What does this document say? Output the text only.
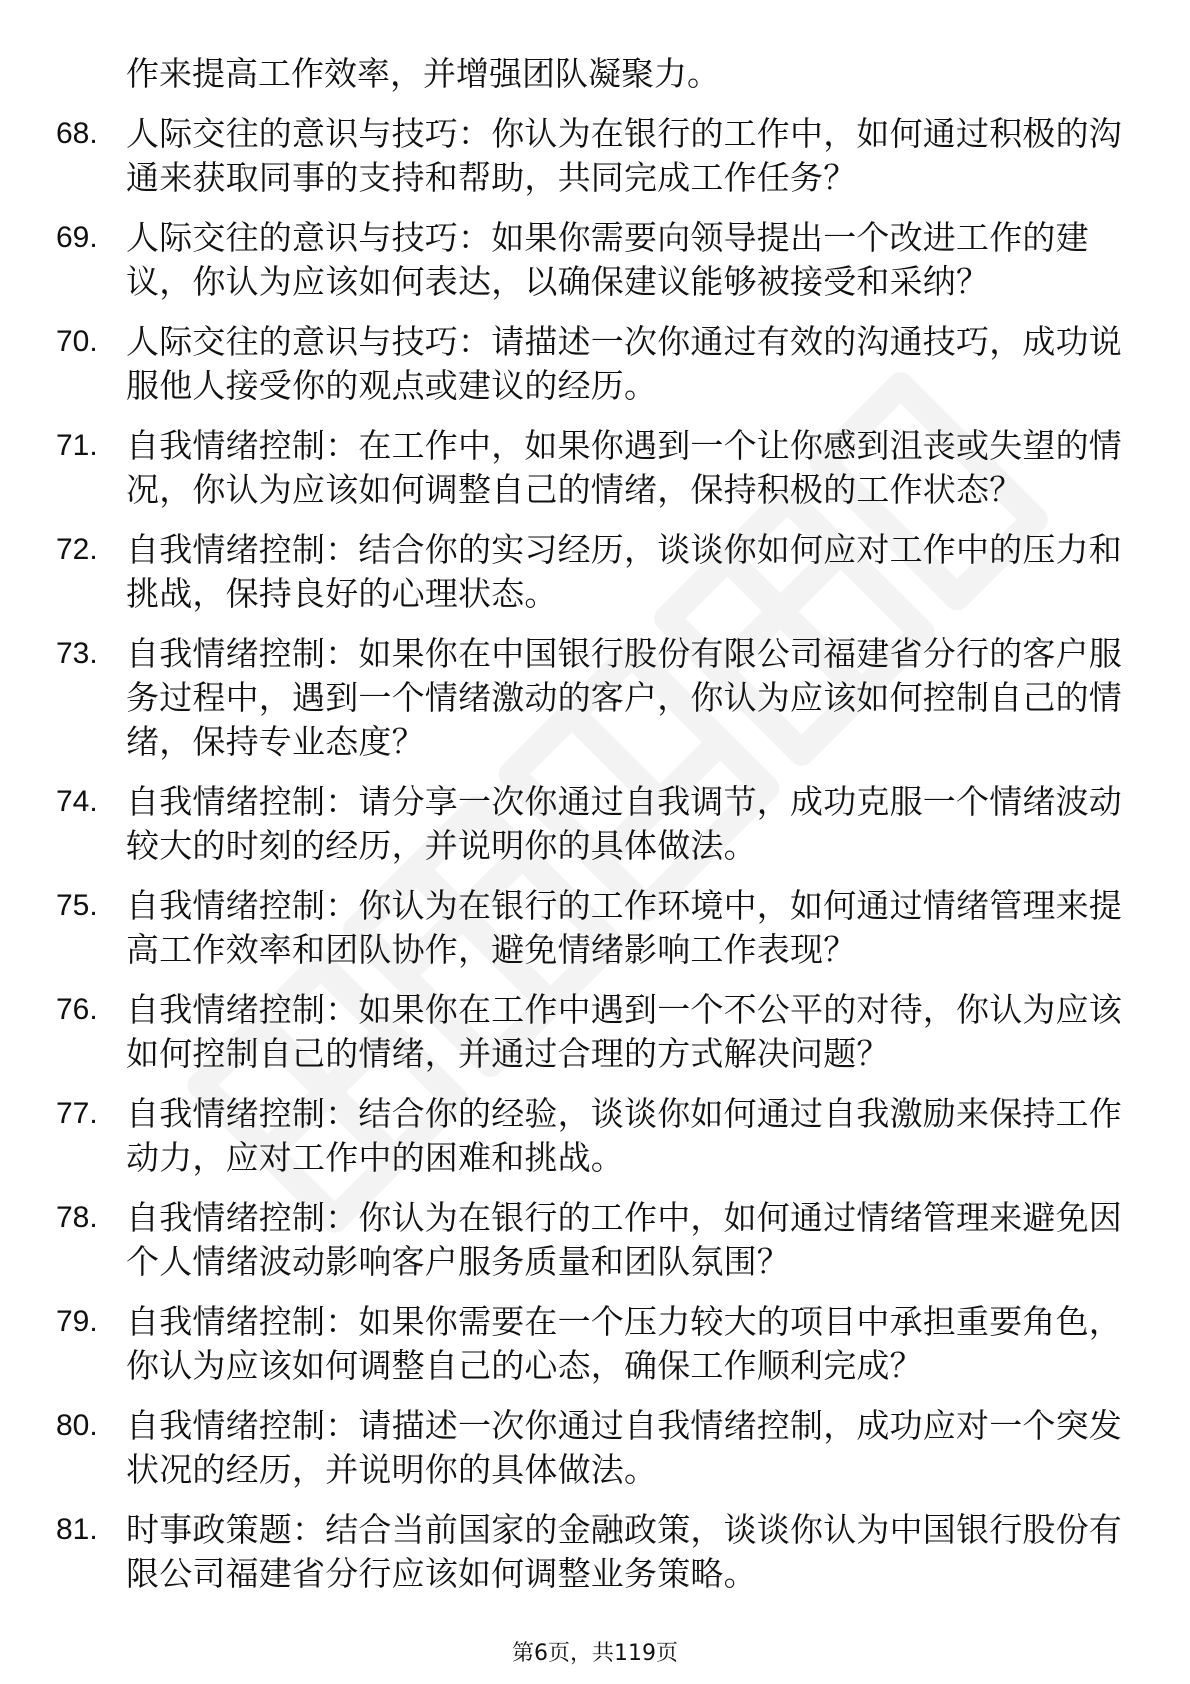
作来提高工作效率，并增强团队凝聚力。
68. 人际交往的意识与技巧：你认为在银行的工作中，如何通过积极的沟通来获取同事的支持和帮助，共同完成工作任务？
69. 人际交往的意识与技巧：如果你需要向领导提出一个改进工作的建议，你认为应该如何表达，以确保建议能够被接受和采纳？
70. 人际交往的意识与技巧：请描述一次你通过有效的沟通技巧，成功说服他人接受你的观点或建议的经历。
71. 自我情绪控制：在工作中，如果你遇到一个让你感到沮丧或失望的情况，你认为应该如何调整自己的情绪，保持积极的工作状态？
72. 自我情绪控制：结合你的实习经历，谈谈你如何应对工作中的压力和挑战，保持良好的心理状态。
73. 自我情绪控制：如果你在中国银行股份有限公司福建省分行的客户服务过程中，遇到一个情绪激动的客户，你认为应该如何控制自己的情绪，保持专业态度？
74. 自我情绪控制：请分享一次你通过自我调节，成功克服一个情绪波动较大的时刻的经历，并说明你的具体做法。
75. 自我情绪控制：你认为在银行的工作环境中，如何通过情绪管理来提高工作效率和团队协作，避免情绪影响工作表现？
76. 自我情绪控制：如果你在工作中遇到一个不公平的对待，你认为应该如何控制自己的情绪，并通过合理的方式解决问题？
77. 自我情绪控制：结合你的经验，谈谈你如何通过自我激励来保持工作动力，应对工作中的困难和挑战。
78. 自我情绪控制：你认为在银行的工作中，如何通过情绪管理来避免因个人情绪波动影响客户服务质量和团队氛围？
79. 自我情绪控制：如果你需要在一个压力较大的项目中承担重要角色，你认为应该如何调整自己的心态，确保工作顺利完成？
80. 自我情绪控制：请描述一次你通过自我情绪控制，成功应对一个突发状况的经历，并说明你的具体做法。
81. 时事政策题：结合当前国家的金融政策，谈谈你认为中国银行股份有限公司福建省分行应该如何调整业务策略。
第6页，共119页
